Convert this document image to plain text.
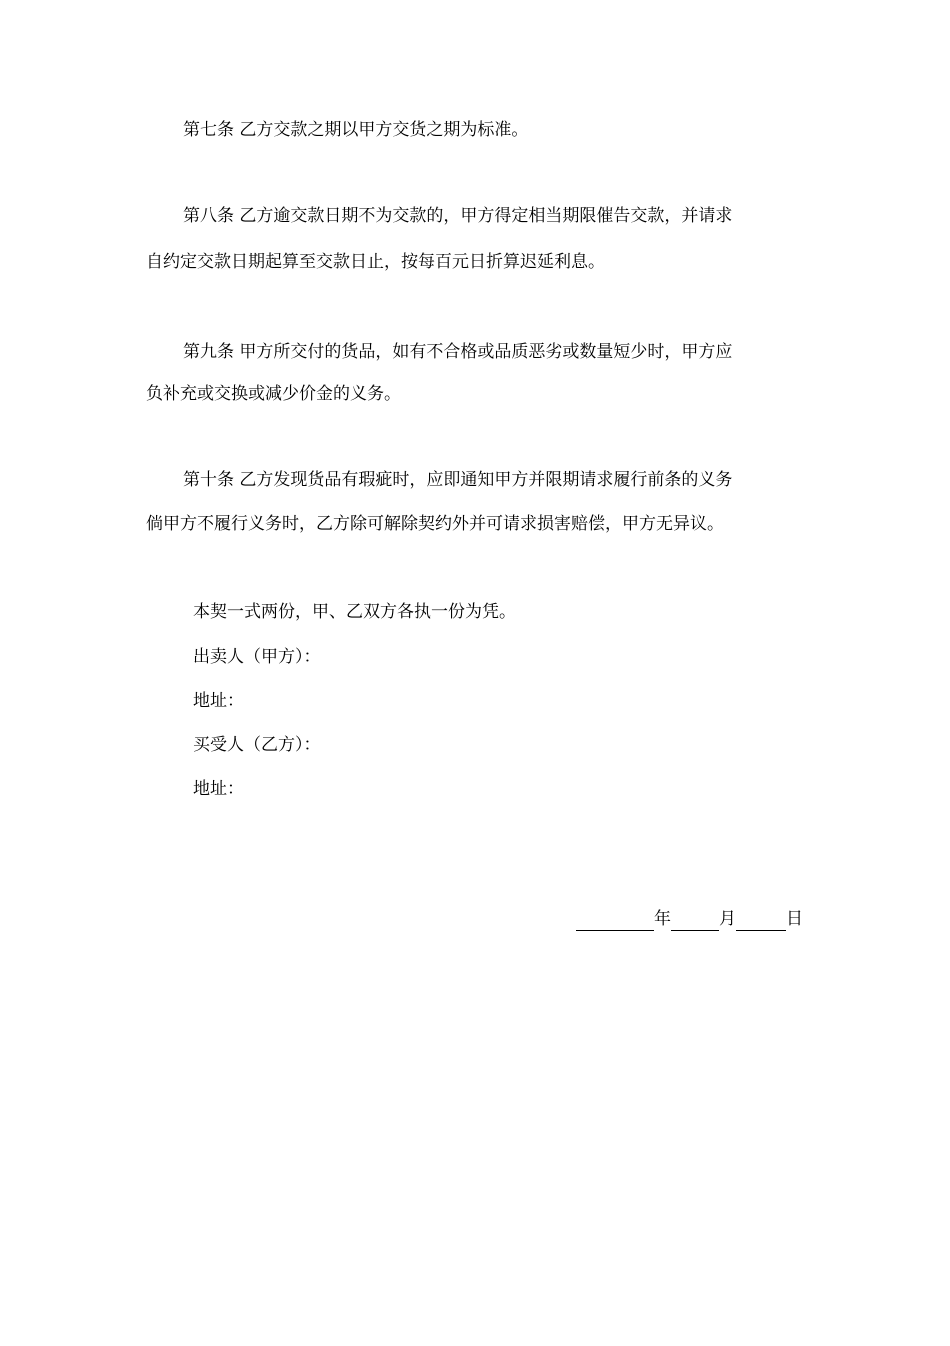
第七条 乙方交款之期以甲方交货之期为标准。
第八条 乙方逾交款日期不为交款的，甲方得定相当期限催告交款，并请求
自约定交款日期起算至交款日止，按每百元日折算迟延利息。
第九条 甲方所交付的货品，如有不合格或品质恶劣或数量短少时，甲方应
负补充或交换或减少价金的义务。
第十条 乙方发现货品有瑕疵时，应即通知甲方并限期请求履行前条的义务
倘甲方不履行义务时，乙方除可解除契约外并可请求损害赔偿，甲方无异议。
本契一式两份，甲、乙双方各执一份为凭。
出卖人（甲方）：
地址：
买受人（乙方）：
地址：
年	月	日
